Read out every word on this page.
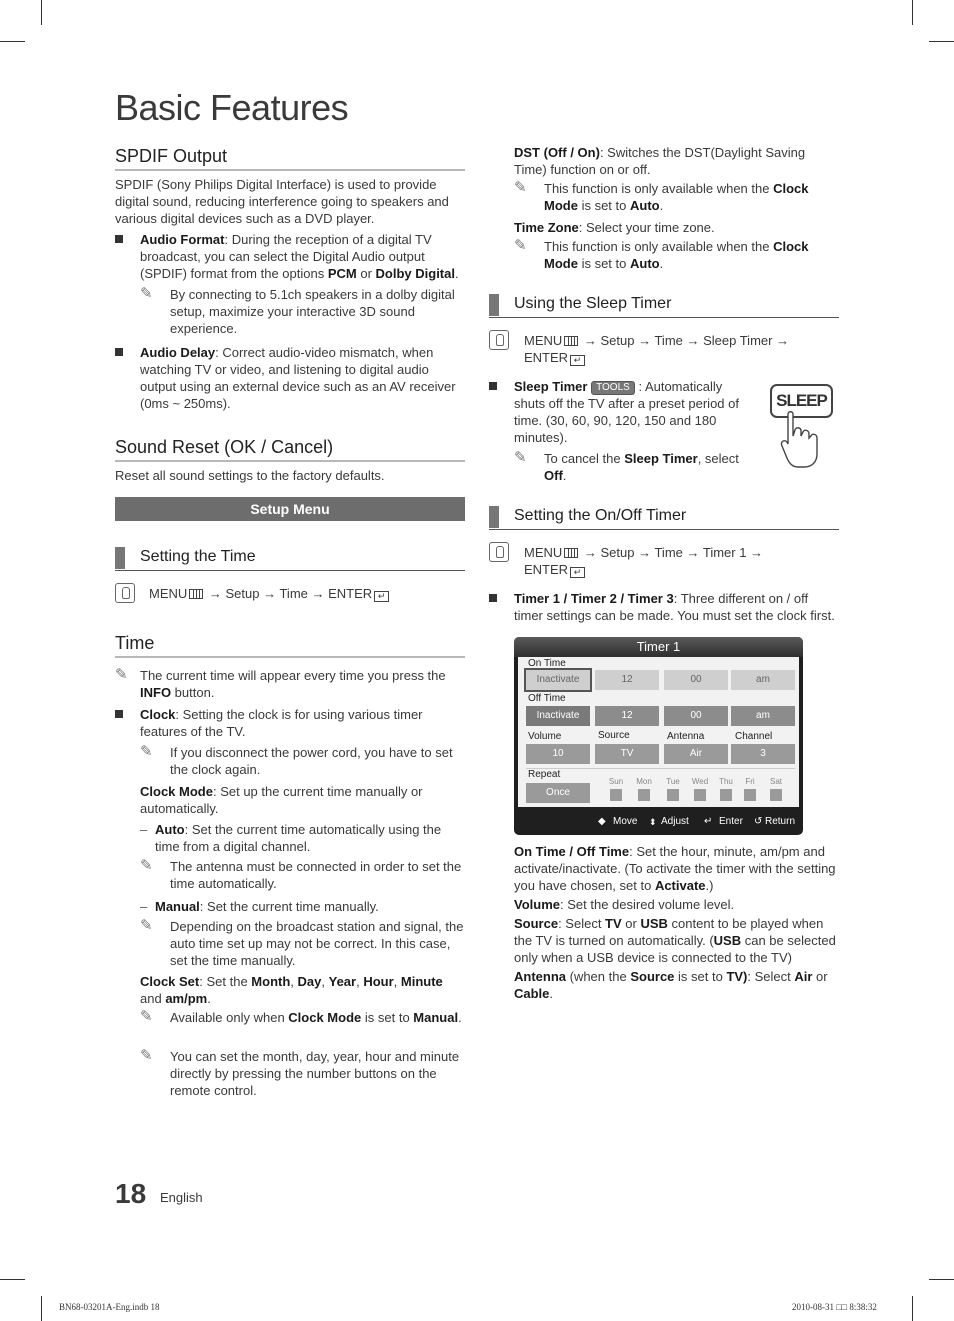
Basic Features
SPDIF Output
SPDIF (Sony Philips Digital Interface) is used to provide digital sound, reducing interference going to speakers and various digital devices such as a DVD player.
Audio Format: During the reception of a digital TV broadcast, you can select the Digital Audio output (SPDIF) format from the options PCM or Dolby Digital.
✎ By connecting to 5.1ch speakers in a dolby digital setup, maximize your interactive 3D sound experience.
Audio Delay: Correct audio-video mismatch, when watching TV or video, and listening to digital audio output using an external device such as an AV receiver (0ms ~ 250ms).
Sound Reset (OK / Cancel)
Reset all sound settings to the factory defaults.
Setup Menu
Setting the Time
MENU → Setup → Time → ENTER ↵
Time
✎ The current time will appear every time you press the INFO button.
Clock: Setting the clock is for using various timer features of the TV.
✎ If you disconnect the power cord, you have to set the clock again.
Clock Mode: Set up the current time manually or automatically.
– Auto: Set the current time automatically using the time from a digital channel.
✎ The antenna must be connected in order to set the time automatically.
– Manual: Set the current time manually.
✎ Depending on the broadcast station and signal, the auto time set up may not be correct. In this case, set the time manually.
Clock Set: Set the Month, Day, Year, Hour, Minute and am/pm.
✎ Available only when Clock Mode is set to Manual.
✎ You can set the month, day, year, hour and minute directly by pressing the number buttons on the remote control.
DST (Off / On): Switches the DST(Daylight Saving Time) function on or off.
✎ This function is only available when the Clock Mode is set to Auto.
Time Zone: Select your time zone.
✎ This function is only available when the Clock Mode is set to Auto.
Using the Sleep Timer
MENU → Setup → Time → Sleep Timer →
ENTER ↵
Sleep Timer TOOLS : Automatically shuts off the TV after a preset period of time. (30, 60, 90, 120, 150 and 180 minutes).
✎ To cancel the Sleep Timer, select Off.
SLEEP
Setting the On/Off Timer
MENU → Setup → Time → Timer 1 →
ENTER ↵
Timer 1 / Timer 2 / Timer 3: Three different on / off timer settings can be made. You must set the clock first.
Timer 1
On Time
Inactivate	12	00	am
Off Time
Inactivate	12	00	am
Volume	Source	Antenna	Channel
10	TV	Air	3
Repeat
Once
Sun	Mon	Tue	Wed	Thu	Fri	Sat
◆ Move ⬍ Adjust ↵ Enter ↺ Return
On Time / Off Time: Set the hour, minute, am/pm and activate/inactivate. (To activate the timer with the setting you have chosen, set to Activate.)
Volume: Set the desired volume level.
Source: Select TV or USB content to be played when the TV is turned on automatically. (USB can be selected only when a USB device is connected to the TV)
Antenna (when the Source is set to TV): Select Air or Cable.
18 English
BN68-03201A-Eng.indb 18	2010-08-31 □□ 8:38:32
